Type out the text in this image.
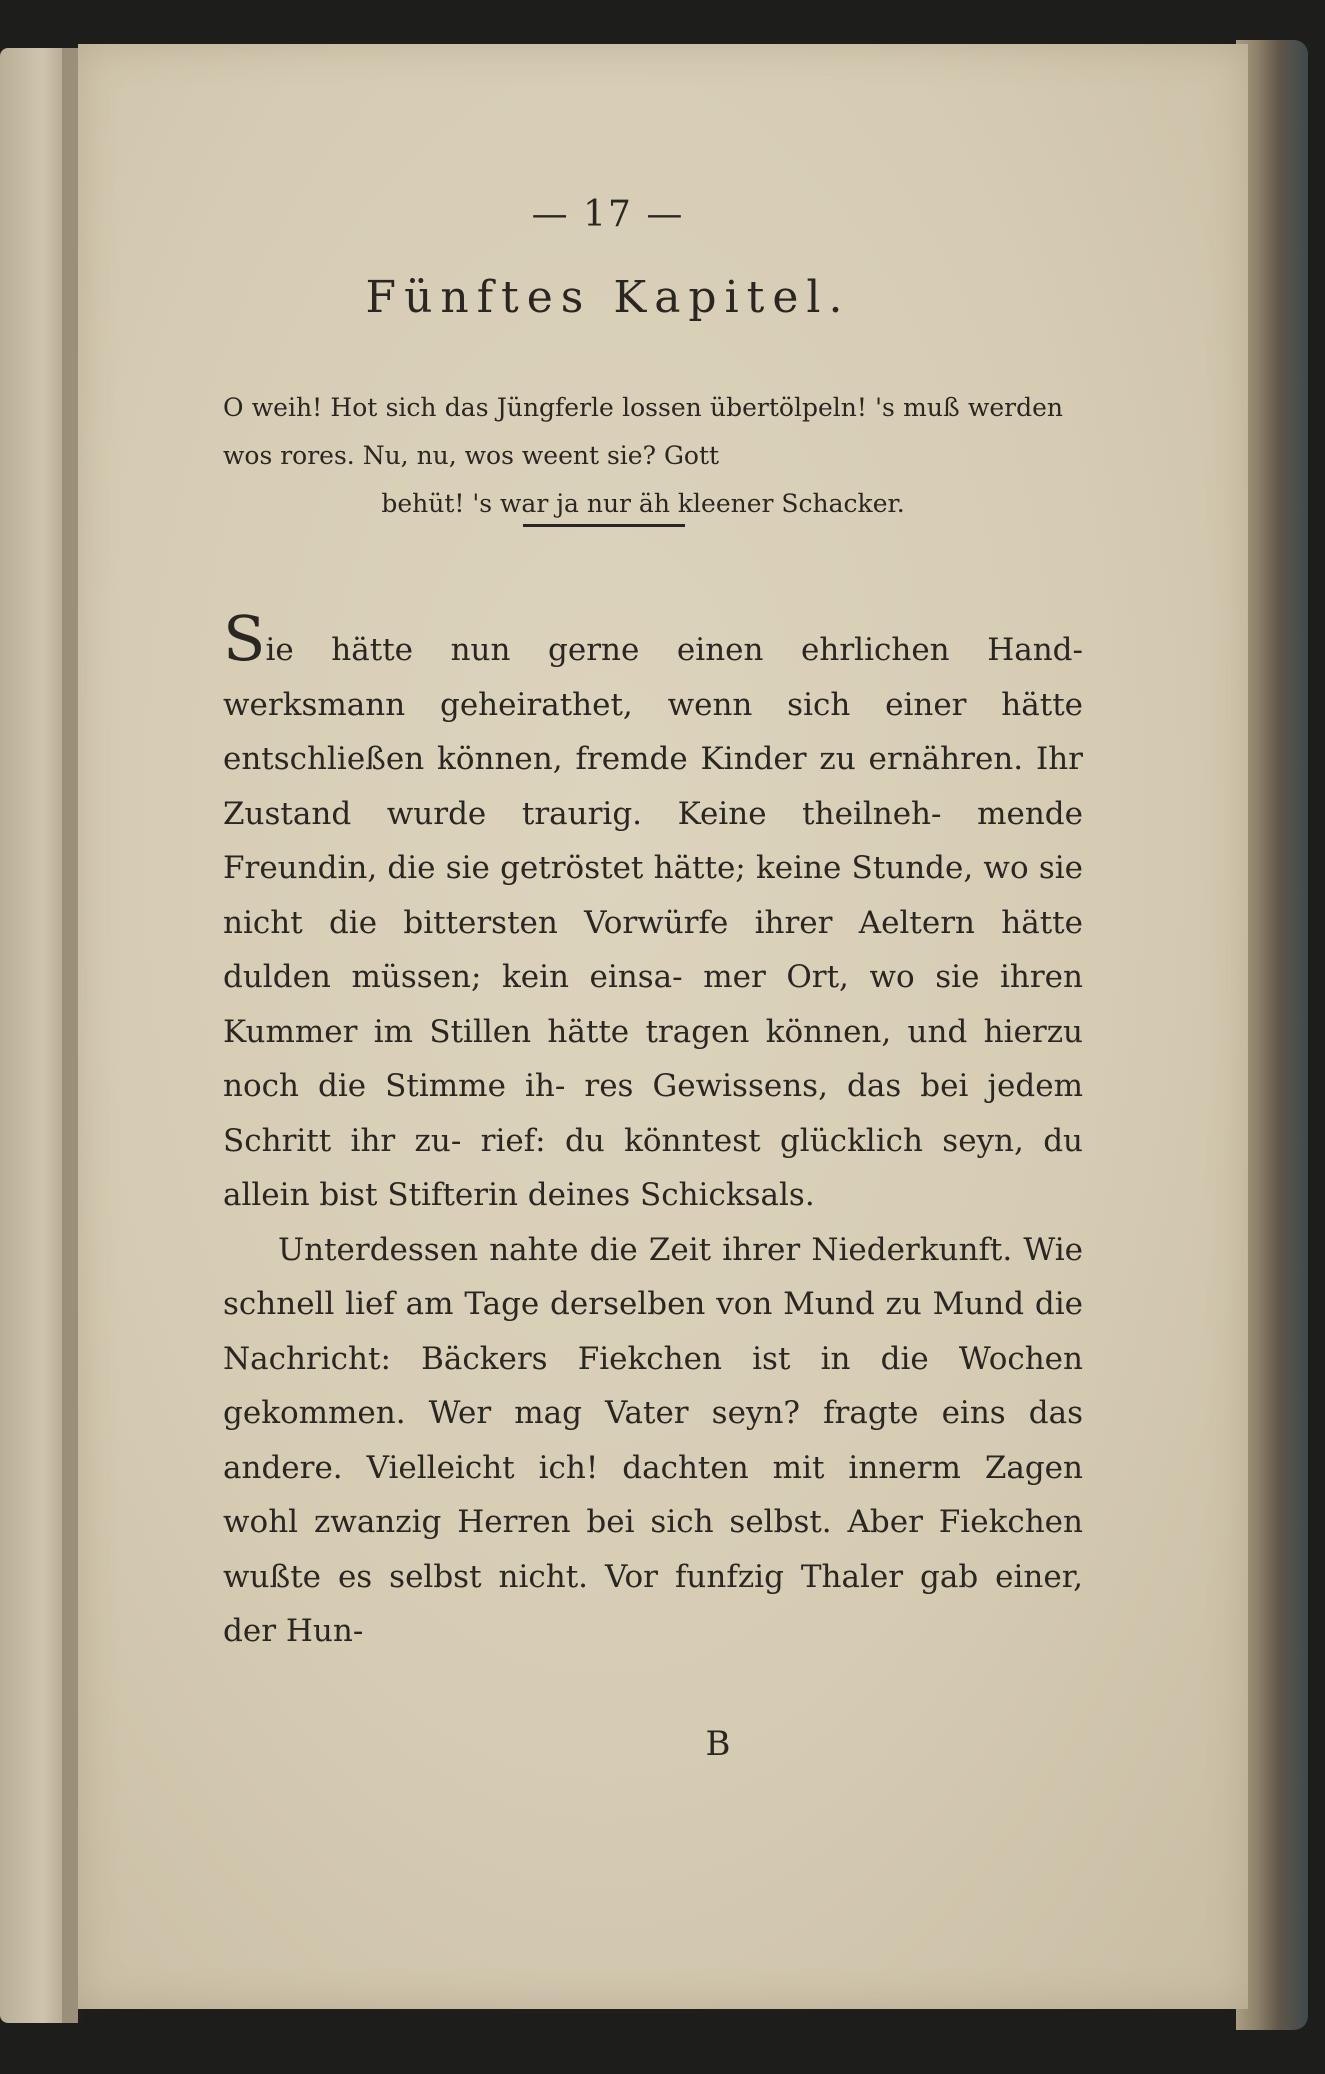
— 17 —
Fünftes Kapitel.
O weih! Hot sich das Jüngferle lossen übertölpeln! 's muß werden wos rores. Nu, nu, wos weent sie? Gott
behüt! 's war ja nur äh kleener Schacker.

Sie hätte nun gerne einen ehrlichen Hand- werksmann geheirathet, wenn sich einer hätte entschließen können, fremde Kinder zu ernähren. Ihr Zustand wurde traurig. Keine theilneh- mende Freundin, die sie getröstet hätte; keine Stunde, wo sie nicht die bittersten Vorwürfe ihrer Aeltern hätte dulden müssen; kein einsa- mer Ort, wo sie ihren Kummer im Stillen hätte tragen können, und hierzu noch die Stimme ih- res Gewissens, das bei jedem Schritt ihr zu- rief: du könntest glücklich seyn, du allein bist Stifterin deines Schicksals.

Unterdessen nahte die Zeit ihrer Niederkunft. Wie schnell lief am Tage derselben von Mund zu Mund die Nachricht: Bäckers Fiekchen ist in die Wochen gekommen. Wer mag Vater seyn? fragte eins das andere. Vielleicht ich! dachten mit innerm Zagen wohl zwanzig Herren bei sich selbst. Aber Fiekchen wußte es selbst nicht. Vor funfzig Thaler gab einer, der Hun-

B
